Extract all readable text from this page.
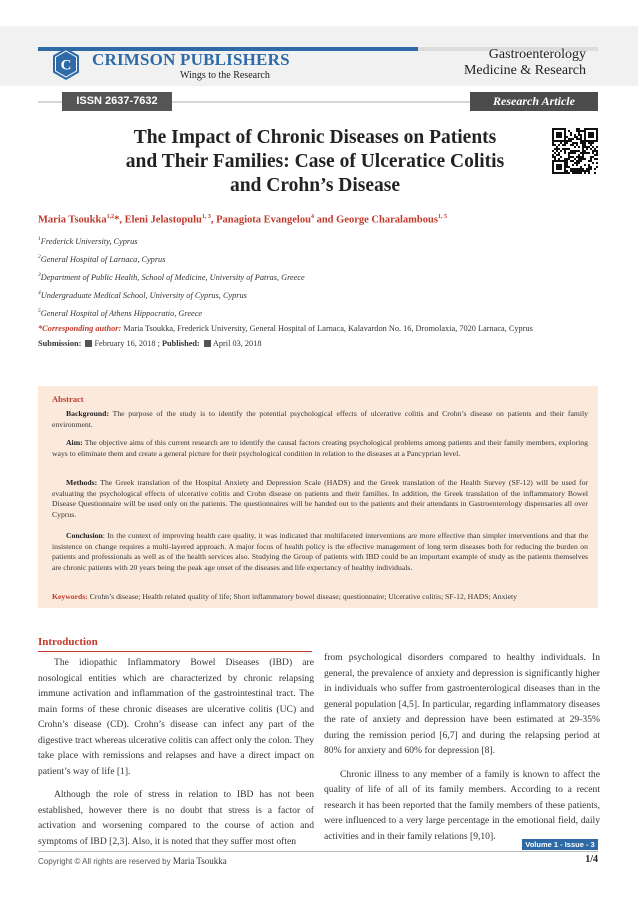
C CRIMSON PUBLISHERS
Wings to the Research
Gastroenterology
Medicine & Research
ISSN 2637-7632	Research Article
The Impact of Chronic Diseases on Patients
and Their Families: Case of Ulceratice Colitis
and Crohn’s Disease
Maria Tsoukka$^{1,2}$*, Eleni Jelastopulu$^{1, 3}$, Panagiota Evangelou$^4$ and George Charalambous$^{1, 5}$
$^1$Frederick University, Cyprus
$^2$General Hospital of Larnaca, Cyprus
$^3$Department of Public Health, School of Medicine, University of Patras, Greece
$^4$Undergraduate Medical School, University of Cyprus, Cyprus
$^5$General Hospital of Athens Hippocratio, Greece
*Corresponding author: Maria Tsoukka, Frederick University, General Hospital of Larnaca, Kalavardon No. 16, Dromolaxia, 7020 Larnaca, Cyprus
Submission: February 16, 2018 ; Published: April 03, 2018
Abstract

Background: The purpose of the study is to identify the potential psychological effects of ulcerative colitis and Crohn’s disease on patients and their family environment.

Aim: The objective aims of this current research are to identify the causal factors creating psychological problems among patients and their family members, exploring ways to eliminate them and create a general picture for their psychological condition in relation to the diseases at a Pancyprian level.

Methods: The Greek translation of the Hospital Anxiety and Depression Scale (HADS) and the Greek translation of the Health Survey (SF-12) will be used for evaluating the psychological effects of ulcerative colitis and Crohn disease on patients and their families. In addition, the Greek translation of the inflammatory Bowel Disease Questionnaire will be used only on the patients. The questionnaires will be handed out to the patients and their attendants in Gastroenterology dispensaries all over Cyprus.

Conclusion: In the context of improving health care quality, it was indicated that multifaceted interventions are more effective than simpler interventions and that the insistence on change requires a multi-layered approach. A major focus of health policy is the effective management of long term diseases both for reducing the burden on patients and professionals as well as of the health services also. Studying the Group of patients with IBD could be an important example of study as the patients themselves are chronic patients with 20 years being the peak age onset of the diseases and life expectancy of healthy individuals.

Keywords: Crohn’s disease; Health related quality of life; Short inflammatory bowel disease; questionnaire; Ulcerative colitis; SF-12, HADS; Anxiety
Introduction

The idiopathic Inflammatory Bowel Diseases (IBD) are nosological entities which are characterized by chronic relapsing immune activation and inflammation of the gastrointestinal tract. The main forms of these chronic diseases are ulcerative colitis (UC) and Crohn’s disease (CD). Crohn’s disease can infect any part of the digestive tract whereas ulcerative colitis can affect only the colon. They take place with remissions and relapses and have a direct impact on patient’s way of life [1].

Although the role of stress in relation to IBD has not been established, however there is no doubt that stress is a factor of activation and worsening compared to the course of action and symptoms of IBD [2,3]. Also, it is noted that they suffer most often

from psychological disorders compared to healthy individuals. In general, the prevalence of anxiety and depression is significantly higher in individuals who suffer from gastroenterological diseases than in the general population [4,5]. In particular, regarding inflammatory diseases the rate of anxiety and depression have been estimated at 29-35% during the remission period [6,7] and during the relapsing period at 80% for anxiety and 60% for depression [8].

Chronic illness to any member of a family is known to affect the quality of life of all of its family members. According to a recent research it has been reported that the family members of these patients, were influenced to a very large percentage in the emotional field, daily activities and in their family relations [9,10].

Volume 1 - Issue - 3
Copyright © All rights are reserved by Maria Tsoukka	1/4
